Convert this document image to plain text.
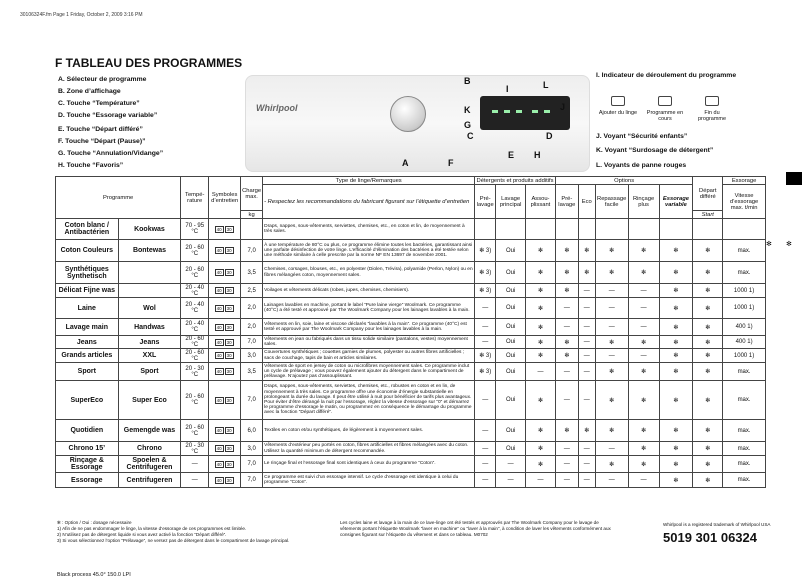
30106324F.fm Page 1 Friday, October 2, 2009 3:16 PM
F TABLEAU DES PROGRAMMES
A. Sélecteur de programme
B. Zone d’affichage
C. Touche “Température”
D. Touche “Essorage variable”
E. Touche “Départ différé”
F. Touche “Départ (Pause)”
G. Touche “Annulation/Vidange”
H. Touche “Favoris”
Whirlpool
B	L
I
J
K
G
C	D
E H
A	F
I. Indicateur de déroulement du programme
Ajouter du linge	Programme en cours
Fin du programme
J. Voyant “Sécurité enfants”
K. Voyant “Surdosage de détergent”
L. Voyants de panne rouges
Programme		Tempé-rature	Symboles d’entretien	Charge max.	Type de linge/Remarques	Détergents et produits additifs			Options					Départ différé	Essorage
					- Respectez les recommandations du fabricant figurant sur l’étiquette d’entretien	Pré-lavage	Lavage principal	Assou-plissant	Pré-lavage	Eco	Repassage facile	Rinçage plus	Essorage variable		Vitesse d’essorage max. t/min
				kg										Start	
Coton blanc / Antibactérien	Kookwas	70 - 95 °C	40 30		Draps, nappes, sous-vêtements, serviettes, chemises, etc., en coton et lin, de moyennement à très sales.										
Coton Couleurs	Bontewas	20 - 60 °C	40 30	7,0	À une température de 80°C ou plus, ce programme élimine toutes les bactéries, garantissant ainsi une parfaite désinfection de votre linge. L’efficacité d’élimination des bactéries a été testée selon une méthode similaire à celle prescrite par la norme NF EN 13697 de novembre 2001.	✻ 3)	Oui	✻	✻	✻	✻	✻	✻	✻	max.
Synthétiques Synthetisch		20 - 60 °C	40 30	3,5	Chemises, corsages, blouses, etc., en polyester (Diolen, Trévira), polyamide (Perlon, Nylon) ou en fibres mélangées coton, moyennement sales.	✻ 3)	Oui	✻	✻	✻	✻	✻	✻	✻	max.
Délicat Fijne was		20 - 40 °C	40 30	2,5	Voilages et vêtements délicats (robes, jupes, chemises, chemisiers).	✻ 3)	Oui	✻	✻	—	—	—	✻	✻	1000 1)
Laine	Wol	20 - 40 °C	40 30	2,0	Lainages lavables en machine, portant le label “Pure laine vierge” Woolmark. Ce programme (40°C) a été testé et approuvé par The Woolmark Company pour les lainages lavables à la main.	—	Oui	✻	—	—	—	—	✻	✻	1000 1)
Lavage main	Handwas	20 - 40 °C	40 30	2,0	Vêtements en lin, soie, laine et viscose déclarés “lavables à la main”. Ce programme (40°C) est testé et approuvé par The Woolmark Company pour les lainages lavables à la main.	—	Oui	✻	—	—	—	—	✻	✻	400 1)
Jeans	Jeans	20 - 60 °C	40 30	7,0	Vêtements en jean ou fabriqués dans un tissu solide similaire (pantalons, vestes) moyennement sales.	—	Oui	✻	✻	—	✻	✻	✻	✻	400 1)
Grands articles	XXL	20 - 60 °C	40 30	3,0	Couvertures synthétiques ; couettes garnies de plumes, polyester ou autres fibres artificielles ; sacs de couchage, tapis de bain et articles similaires.	✻ 3)	Oui	✻	✻	—	—	—	✻	✻	1000 1)
Sport	Sport	20 - 30 °C	40 30	3,5	Vêtements de sport en jersey de coton ou microfibres moyennement sales. Ce programme inclut un cycle de prélavage ; vous pouvez également ajouter du détergent dans le compartiment de prélavage. N’ajoutez pas d’assouplissant.	✻ 3)	Oui	—	—	—	✻	✻	✻	✻	max.
SuperEco	Super Eco	20 - 60 °C	40 30	7,0	Draps, nappes, sous-vêtements, serviettes, chemises, etc., robustes en coton et en lin, de moyennement à très sales. Ce programme offre une économie d’énergie substantielle en prolongeant la durée du lavage. Il peut être utilisé à nuit pour bénéficier de tarifs plus avantageux. Pour éviter d’être dérangé la nuit par l’essorage, réglez la vitesse d’essorage sur “0” et démarrez le programme d’essorage le matin, ou programmez en conséquence le démarrage du programme avec la fonction “Départ différé”.	—	Oui	✻	—	—	✻	✻	✻	✻	max.
Quotidien	Gemengde was	20 - 60 °C	40 30	6,0	Textiles en coton et/ou synthétiques, de légèrement à moyennement sales.	—	Oui	✻	✻	✻	✻	✻	✻	✻	max.
Chrono 15’	Chrono	20 - 30 °C	40 30	3,0	Vêtements d’extérieur peu portés en coton, fibres artificielles et fibres mélangées avec du coton. Utilisez la quantité minimum de détergent recommandée.	—	Oui	✻	—	—	—	✻	✻	✻	max.
Rinçage & Essorage	Spoelen & Centrifugeren	—	40 30	7,0	Le rinçage final et l’essorage final sont identiques à ceux du programme “Coton”.	—	—	✻	—	—	✻	✻	✻	✻	max.
Essorage	Centrifugeren	—	40 30	7,0	Ce programme est suivi d’un essorage intensif. Le cycle d’essorage est identique à celui du programme “Coton”.	—	—	—	—	—	—	—	✻	✻	max.
✻ : Option / Oui : dosage nécessaire
1) Afin de ne pas endommager le linge, la vitesse d’essorage de ces programmes est limitée.
2) N’utilisez pas de détergent liquide si vous avez activé la fonction “Départ différé”.
3) Si vous sélectionnez l’option “Prélavage”, ne versez pas de détergent dans le compartiment de lavage principal.
Les cycles laine et lavage à la main de ce lave-linge ont été testés et approuvés par The Woolmark Company pour le lavage de vêtements portant l’étiquette Woolmark “laver en machine” ou “laver à la main”, à condition de laver les vêtements conformément aux consignes figurant sur l’étiquette du vêtement et dans ce tableau. M0702
Whirlpool is a registered trademark of Whirlpool USA
5019 301 06324
Black process 45.0° 150.0 LPI
✻ ✻
